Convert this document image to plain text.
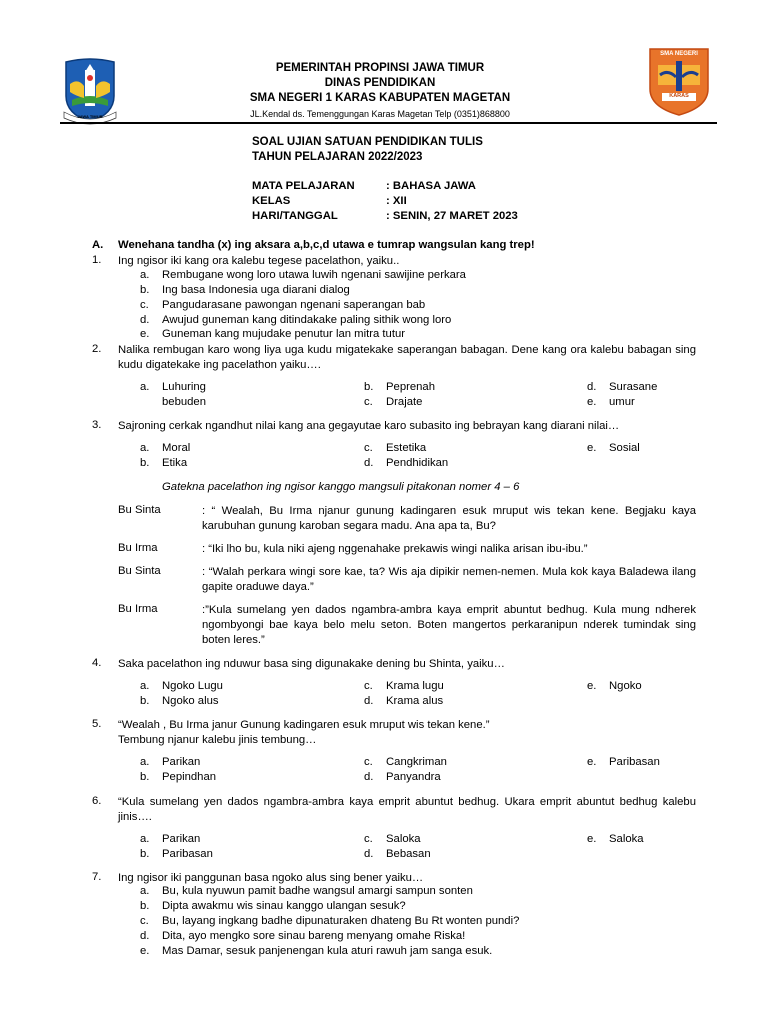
JAWA TIMUR
SMA NEGERI
KARAS
PEMERINTAH PROPINSI JAWA TIMUR
DINAS PENDIDIKAN
SMA NEGERI 1 KARAS KABUPATEN MAGETAN
JL.Kendal ds. Temenggungan Karas Magetan Telp (0351)868800
SOAL UJIAN SATUAN PENDIDIKAN TULIS
TAHUN PELAJARAN 2022/2023
MATA PELAJARAN	: BAHASA JAWA
KELAS	: XII
HARI/TANGGAL	: SENIN, 27 MARET 2023
A. Wenehana tandha (x) ing aksara a,b,c,d utawa e tumrap wangsulan kang trep!
1. Ing ngisor iki kang ora kalebu tegese pacelathon, yaiku..
a. Rembugane wong loro utawa luwih ngenani sawijine perkara
b. Ing basa Indonesia uga diarani dialog
c. Pangudarasane pawongan ngenani saperangan bab
d. Awujud guneman kang ditindakake paling sithik wong loro
e. Guneman kang mujudake penutur lan mitra tutur
2. Nalika rembugan karo wong liya uga kudu migatekake saperangan babagan. Dene kang ora kalebu babagan sing kudu digatekake ing pacelathon yaiku….
a. Luhuring
bebuden
b. Peprenah
c. Drajate
d. Surasane
e. umur
3. Sajroning cerkak ngandhut nilai kang ana gegayutae karo subasito ing bebrayan kang diarani nilai…
a. Moral
b. Etika
c. Estetika
d. Pendhidikan
e. Sosial
Gatekna pacelathon ing ngisor kanggo mangsuli pitakonan nomer 4 – 6
Bu Sinta	: “ Wealah, Bu Irma njanur gunung kadingaren esuk mruput wis tekan kene. Begjaku kaya karubuhan gunung karoban segara madu. Ana apa ta, Bu?
Bu Irma	: “Iki lho bu, kula niki ajeng nggenahake prekawis wingi nalika arisan ibu-ibu.”
Bu Sinta	: “Walah perkara wingi sore kae, ta? Wis aja dipikir nemen-nemen. Mula kok kaya Baladewa ilang gapite oraduwe daya.”
Bu Irma	:”Kula sumelang yen dados ngambra-ambra kaya emprit abuntut bedhug. Kula mung ndherek ngombyongi bae kaya belo melu seton. Boten mangertos perkaranipun nderek tumindak sing boten leres.”
4. Saka pacelathon ing nduwur basa sing digunakake dening bu Shinta, yaiku…
a. Ngoko Lugu
b. Ngoko alus
c. Krama lugu
d. Krama alus
e. Ngoko
5. “Wealah , Bu Irma janur Gunung kadingaren esuk mruput wis tekan kene.”
Tembung njanur kalebu jinis tembung…
a. Parikan
b. Pepindhan
c. Cangkriman
d. Panyandra
e. Paribasan
6. “Kula sumelang yen dados ngambra-ambra kaya emprit abuntut bedhug. Ukara emprit abuntut bedhug kalebu jinis….
a. Parikan
b. Paribasan
c. Saloka
d. Bebasan
e. Saloka
7. Ing ngisor iki panggunan basa ngoko alus sing bener yaiku…
a. Bu, kula nyuwun pamit badhe wangsul amargi sampun sonten
b. Dipta awakmu wis sinau kanggo ulangan sesuk?
c. Bu, layang ingkang badhe dipunaturaken dhateng Bu Rt wonten pundi?
d. Dita, ayo mengko sore sinau bareng menyang omahe Riska!
e. Mas Damar, sesuk panjenengan kula aturi rawuh jam sanga esuk.
